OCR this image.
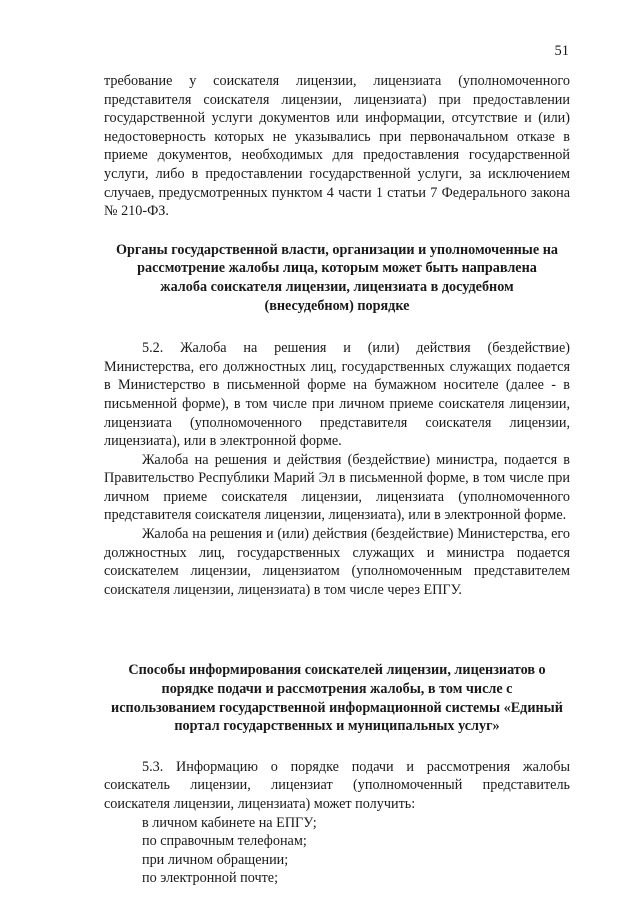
51

требование у соискателя лицензии, лицензиата (уполномоченного представителя соискателя лицензии, лицензиата) при предоставлении государственной услуги документов или информации, отсутствие и (или) недостоверность которых не указывались при первоначальном отказе в приеме документов, необходимых для предоставления государственной услуги, либо в предоставлении государственной услуги, за исключением случаев, предусмотренных пунктом 4 части 1 статьи 7 Федерального закона № 210-ФЗ.

Органы государственной власти, организации и уполномоченные на рассмотрение жалобы лица, которым может быть направлена жалоба соискателя лицензии, лицензиата в досудебном (внесудебном) порядке

5.2. Жалоба на решения и (или) действия (бездействие) Министерства, его должностных лиц, государственных служащих подается в Министерство в письменной форме на бумажном носителе (далее - в письменной форме), в том числе при личном приеме соискателя лицензии, лицензиата (уполномоченного представителя соискателя лицензии, лицензиата), или в электронной форме.

Жалоба на решения и действия (бездействие) министра, подается в Правительство Республики Марий Эл в письменной форме, в том числе при личном приеме соискателя лицензии, лицензиата (уполномоченного представителя соискателя лицензии, лицензиата), или в электронной форме.

Жалоба на решения и (или) действия (бездействие) Министерства, его должностных лиц, государственных служащих и министра подается соискателем лицензии, лицензиатом (уполномоченным представителем соискателя лицензии, лицензиата) в том числе через ЕПГУ.

Способы информирования соискателей лицензии, лицензиатов о порядке подачи и рассмотрения жалобы, в том числе с использованием государственной информационной системы «Единый портал государственных и муниципальных услуг»

5.3. Информацию о порядке подачи и рассмотрения жалобы соискатель лицензии, лицензиат (уполномоченный представитель соискателя лицензии, лицензиата) может получить:

в личном кабинете на ЕПГУ;
по справочным телефонам;
при личном обращении;
по электронной почте;
